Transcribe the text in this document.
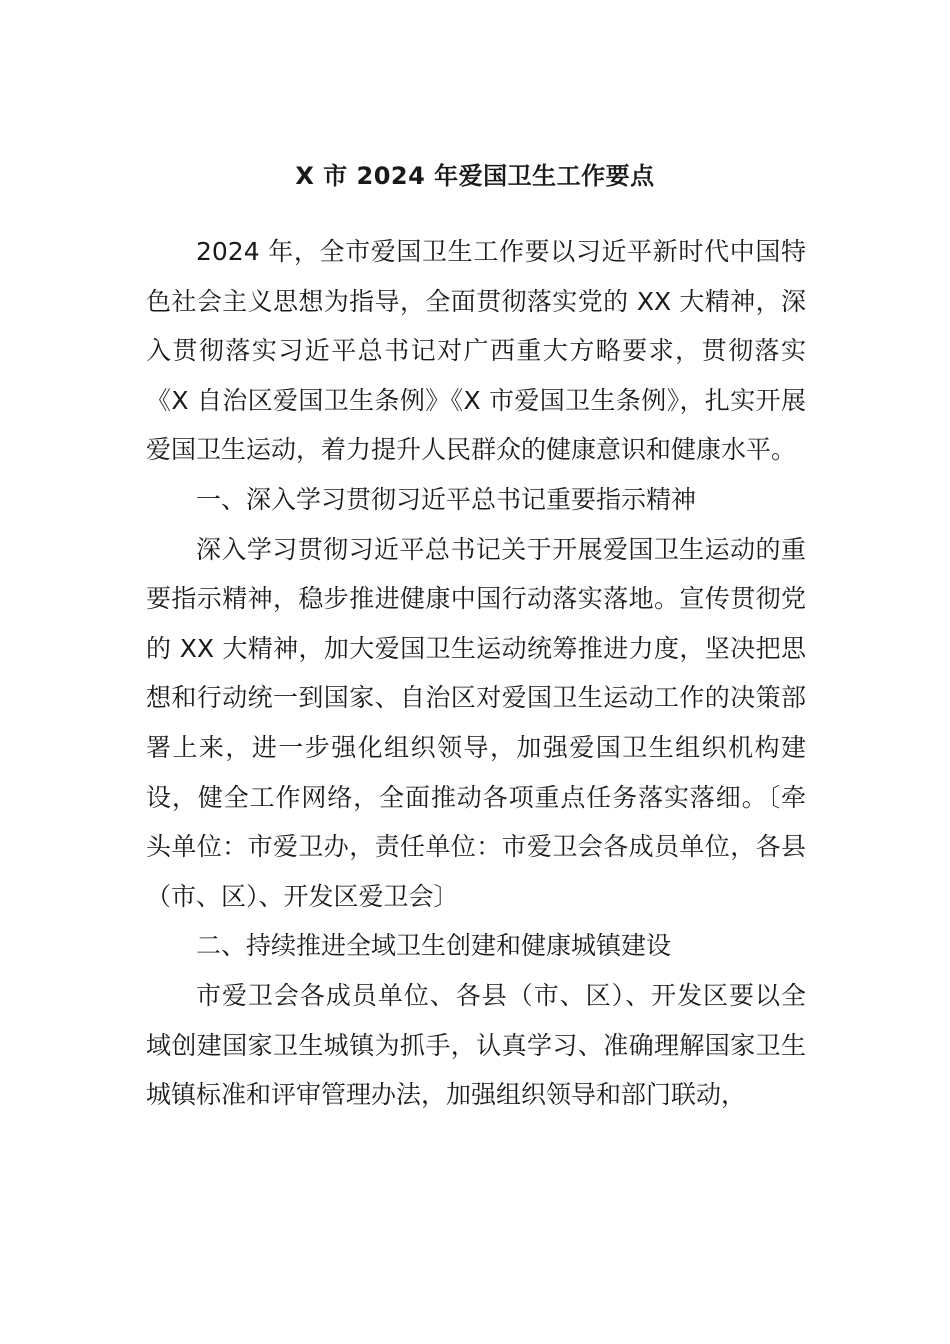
X 市 2024 年爱国卫生工作要点

2024 年，全市爱国卫生工作要以习近平新时代中国特色社会主义思想为指导，全面贯彻落实党的 XX 大精神，深入贯彻落实习近平总书记对广西重大方略要求，贯彻落实《X 自治区爱国卫生条例》《X 市爱国卫生条例》，扎实开展爱国卫生运动，着力提升人民群众的健康意识和健康水平。

一、深入学习贯彻习近平总书记重要指示精神

深入学习贯彻习近平总书记关于开展爱国卫生运动的重要指示精神，稳步推进健康中国行动落实落地。宣传贯彻党的 XX 大精神，加大爱国卫生运动统筹推进力度，坚决把思想和行动统一到国家、自治区对爱国卫生运动工作的决策部署上来，进一步强化组织领导，加强爱国卫生组织机构建设，健全工作网络，全面推动各项重点任务落实落细。〔牵头单位：市爱卫办，责任单位：市爱卫会各成员单位，各县（市、区）、开发区爱卫会〕

二、持续推进全域卫生创建和健康城镇建设

市爱卫会各成员单位、各县（市、区）、开发区要以全域创建国家卫生城镇为抓手，认真学习、准确理解国家卫生城镇标准和评审管理办法，加强组织领导和部门联动，
